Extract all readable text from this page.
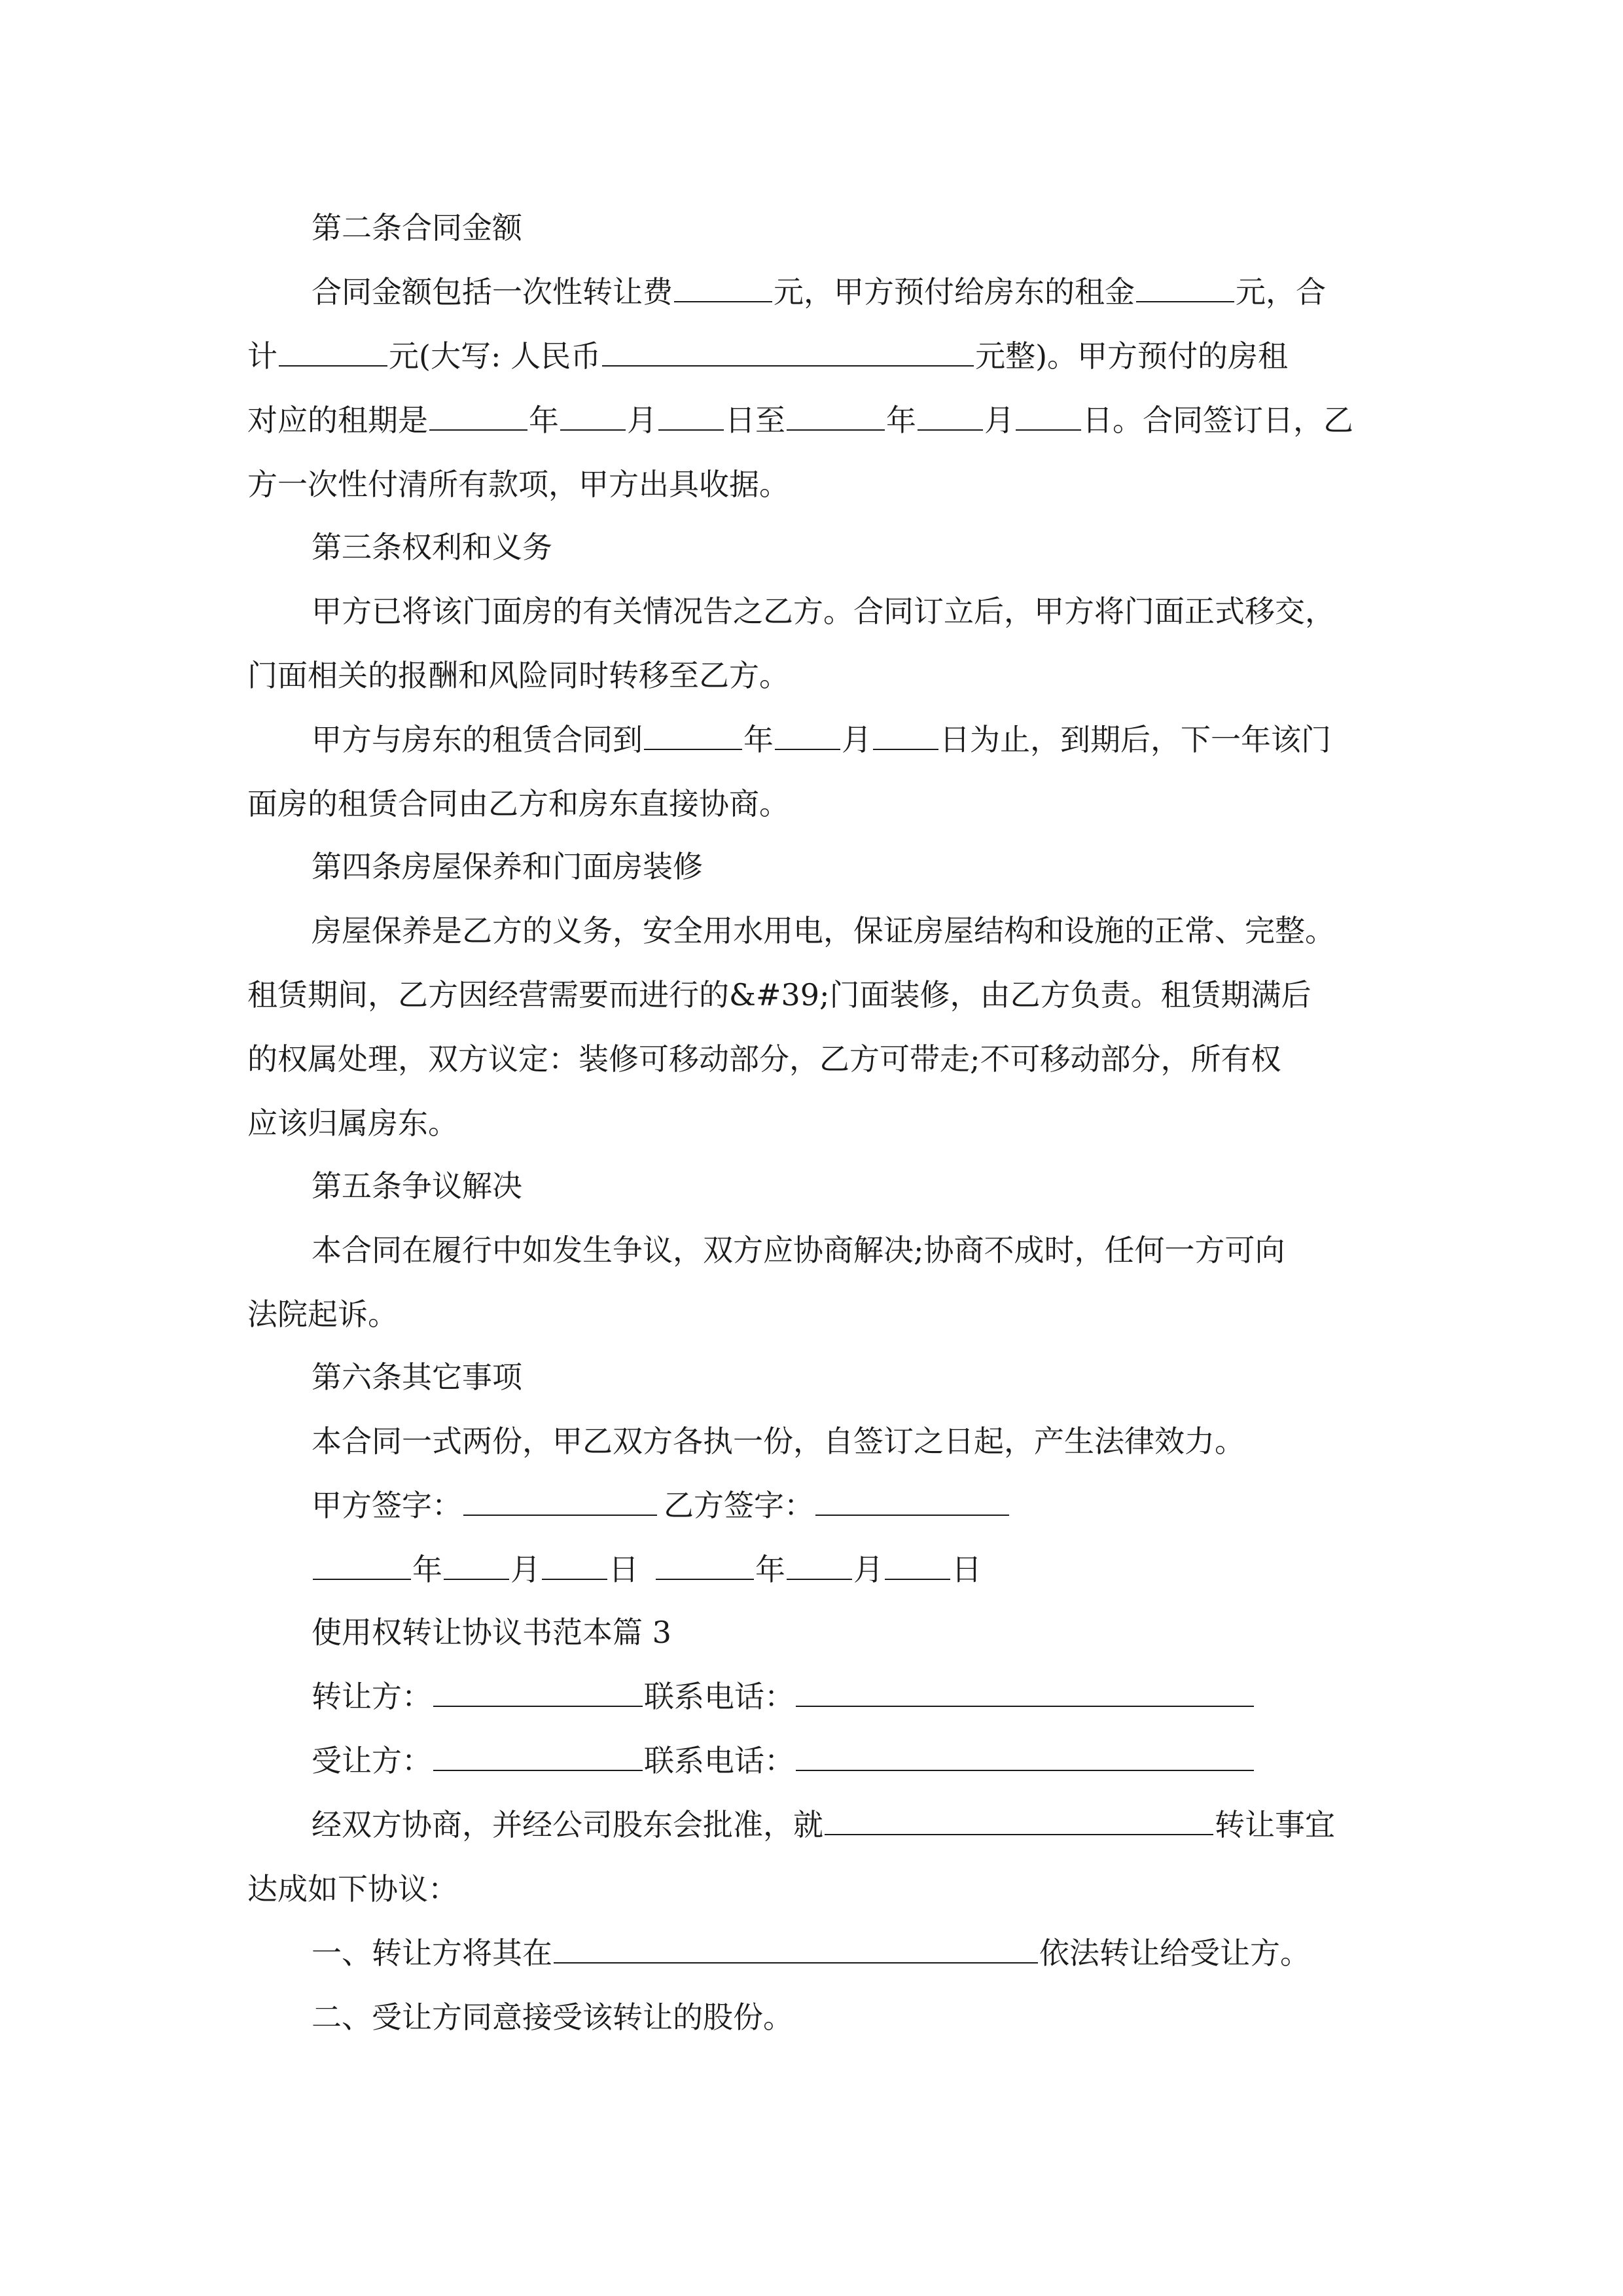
第二条合同金额
合同金额包括一次性转让费	元，甲方预付给房东的租金	元，合
计	元(大写: 人民币	元整)。甲方预付的房租
对应的租期是	年 月 日至	年 月 日。合同签订日，乙
方一次性付清所有款项，甲方出具收据。
第三条权利和义务
甲方已将该门面房的有关情况告之乙方。合同订立后，甲方将门面正式移交，
门面相关的报酬和风险同时转移至乙方。
甲方与房东的租赁合同到	年 月 日为止，到期后，下一年该门
面房的租赁合同由乙方和房东直接协商。
第四条房屋保养和门面房装修
房屋保养是乙方的义务，安全用水用电，保证房屋结构和设施的正常、完整。
租赁期间，乙方因经营需要而进行的&#39;门面装修，由乙方负责。租赁期满后
的权属处理，双方议定：装修可移动部分，乙方可带走;不可移动部分，所有权
应该归属房东。
第五条争议解决
本合同在履行中如发生争议，双方应协商解决;协商不成时，任何一方可向
法院起诉。
第六条其它事项
本合同一式两份，甲乙双方各执一份，自签订之日起，产生法律效力。
甲方签字：	乙方签字：
年 月 日	年 月 日
使用权转让协议书范本篇 3
转让方：	联系电话：
受让方：	联系电话：
经双方协商，并经公司股东会批准，就	转让事宜
达成如下协议：
一、转让方将其在	依法转让给受让方。
二、受让方同意接受该转让的股份。
